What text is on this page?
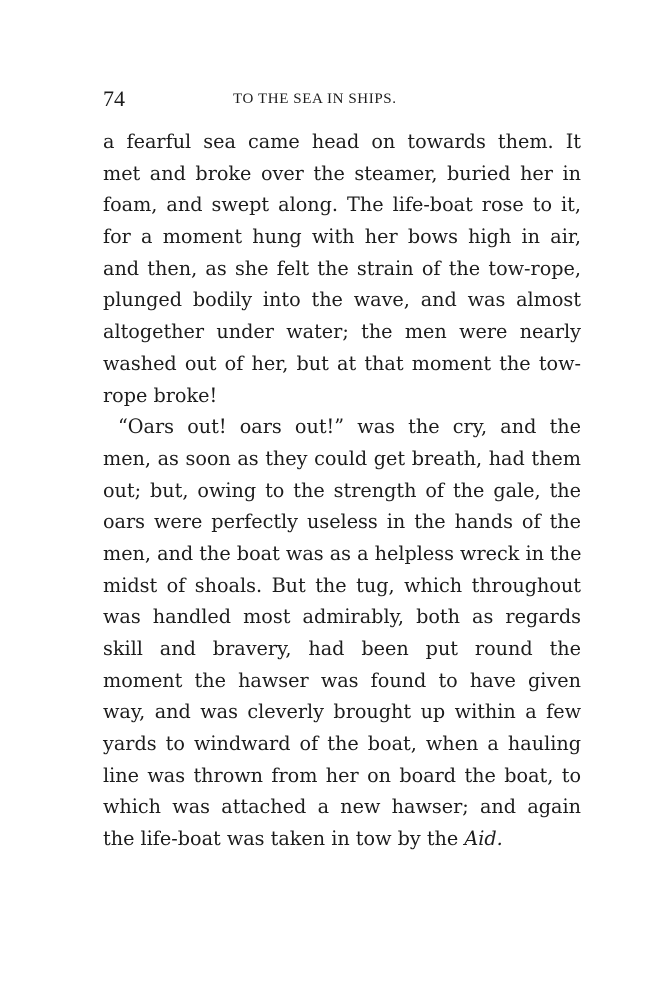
74	TO THE SEA IN SHIPS.
a fearful sea came head on towards them. It
met and broke over the steamer, buried her in
foam, and swept along. The life-boat rose to it,
for a moment hung with her bows high in air,
and then, as she felt the strain of the tow-rope,
plunged bodily into the wave, and was almost
altogether under water; the men were nearly
washed out of her, but at that moment the tow-
rope broke!
“Oars out! oars out!” was the cry, and the
men, as soon as they could get breath, had them
out; but, owing to the strength of the gale, the
oars were perfectly useless in the hands of the
men, and the boat was as a helpless wreck in the
midst of shoals. But the tug, which throughout
was handled most admirably, both as regards
skill and bravery, had been put round the
moment the hawser was found to have given
way, and was cleverly brought up within a few
yards to windward of the boat, when a hauling
line was thrown from her on board the boat, to
which was attached a new hawser; and again
the life-boat was taken in tow by the Aid.
